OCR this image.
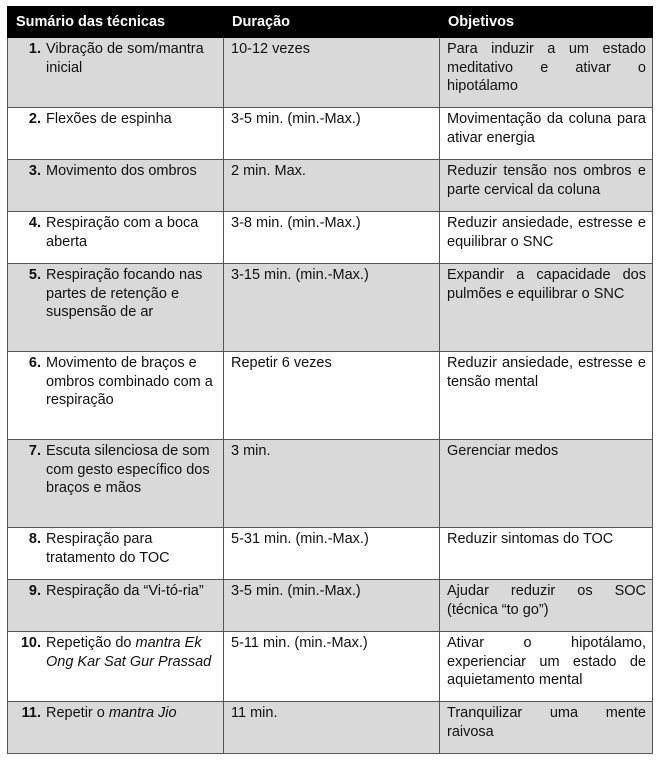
Sumário das técnicas	Duração	Objetivos

1. Vibração de som/mantra inicial	10-12 vezes	Para induzir a um estado meditativo e ativar o hipotálamo

2. Flexões de espinha	3-5 min. (min.-Max.)	Movimentação da coluna para ativar energia

3. Movimento dos ombros	2 min. Max.	Reduzir tensão nos ombros e parte cervical da coluna

4. Respiração com a boca aberta	3-8 min. (min.-Max.)	Reduzir ansiedade, estresse e equilibrar o SNC

5. Respiração focando nas partes de retenção e suspensão de ar	3-15 min. (min.-Max.)	Expandir a capacidade dos pulmões e equilibrar o SNC

6. Movimento de braços e ombros combinado com a respiração	Repetir 6 vezes	Reduzir ansiedade, estresse e tensão mental

7. Escuta silenciosa de som com gesto específico dos braços e mãos	3 min.	Gerenciar medos

8. Respiração para tratamento do TOC	5-31 min. (min.-Max.)	Reduzir sintomas do TOC

9. Respiração da “Vi-tó-ria”	3-5 min. (min.-Max.)	Ajudar reduzir os SOC (técnica “to go”)

10. Repetição do mantra Ek Ong Kar Sat Gur Prassad	5-11 min. (min.-Max.)	Ativar o hipotálamo, experienciar um estado de aquietamento mental

11. Repetir o mantra Jio	11 min.	Tranquilizar uma mente raivosa
